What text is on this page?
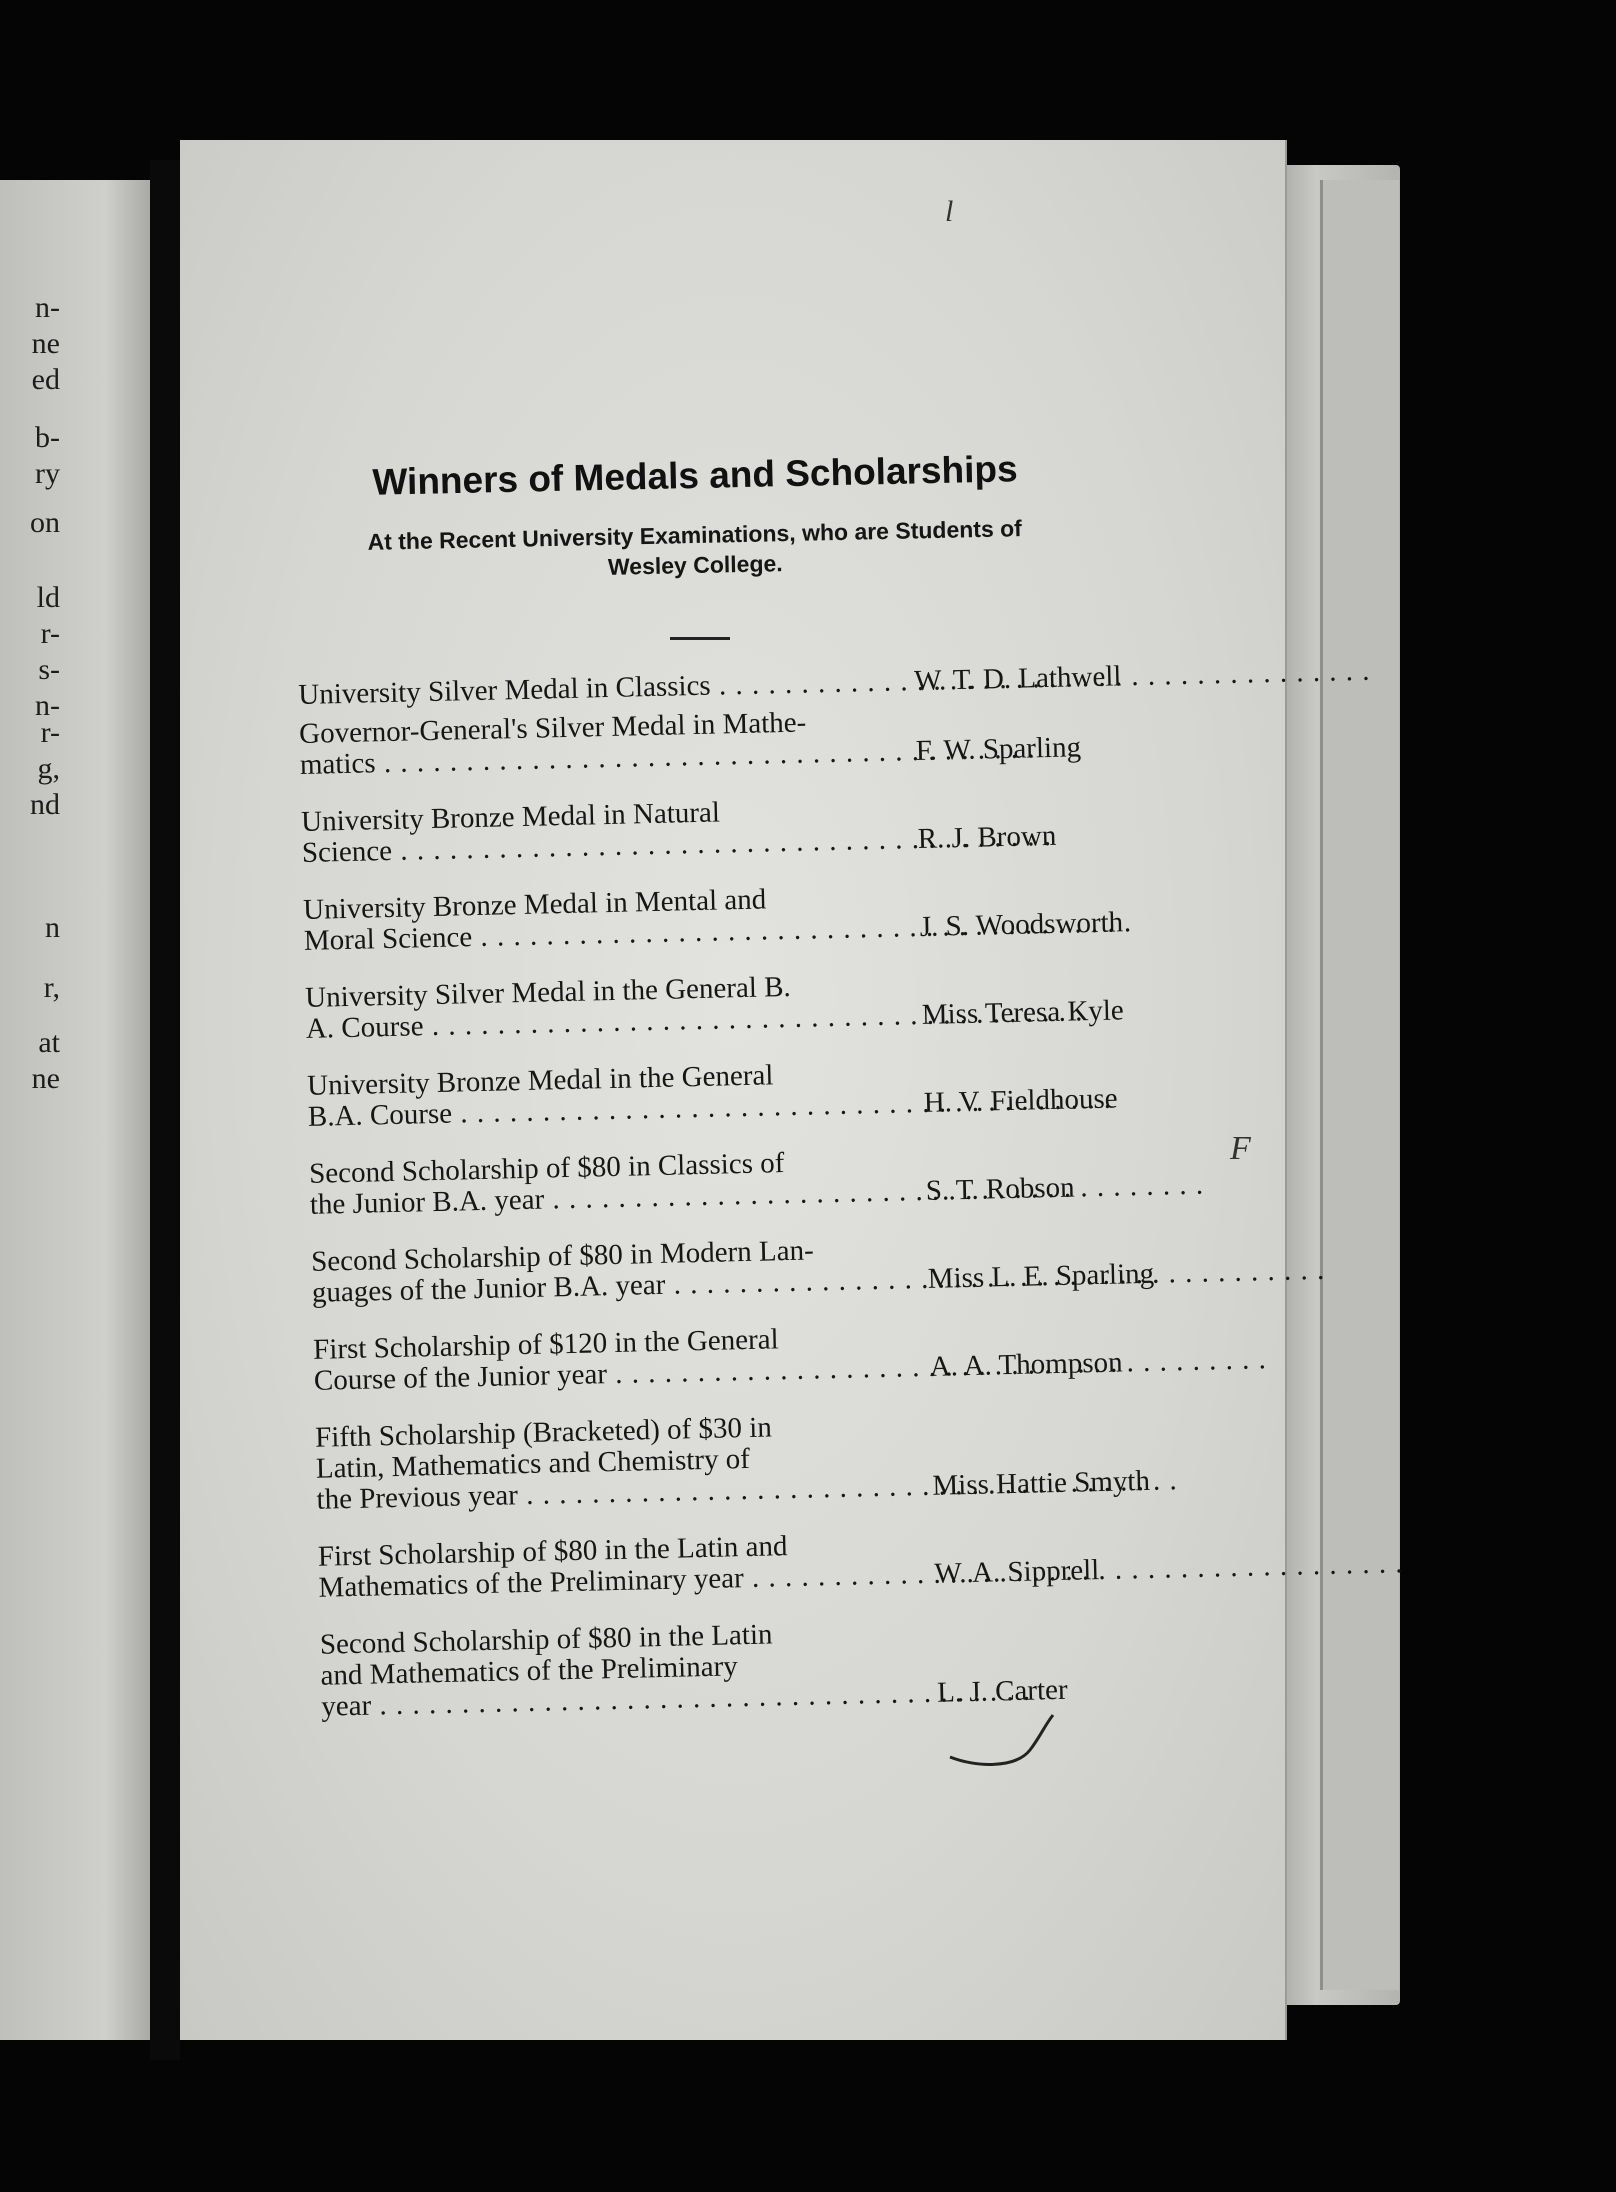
n-
ne
ed
b-
ry
on
ld
r-
s-
n-
r-
g,
nd
n
r,
at
ne
l
Winners of Medals and Scholarships
At the Recent University Examinations, who are Students of
Wesley College.
University Silver Medal in Classics . . .	W. T. D. Lathwell
Governor-General's Silver Medal in Mathe-
matics . . .	F. W. Sparling
University Bronze Medal in Natural
Science . . .	R. J. Brown
University Bronze Medal in Mental and
Moral Science . . .	J. S. Woodsworth
University Silver Medal in the General B.
A. Course . . .	Miss Teresa Kyle
University Bronze Medal in the General
B.A. Course . . .	H. V. Fieldhouse
Second Scholarship of $80 in Classics of
the Junior B.A. year . . .	S. T. Robson
Second Scholarship of $80 in Modern Lan-
guages of the Junior B.A. year . . .	Miss L. E. Sparling
First Scholarship of $120 in the General
Course of the Junior year . . .	A. A. Thompson
Fifth Scholarship (Bracketed) of $30 in
Latin, Mathematics and Chemistry of
the Previous year . . .	Miss Hattie Smyth
First Scholarship of $80 in the Latin and
Mathematics of the Preliminary year . . .	W. A. Sipprell
Second Scholarship of $80 in the Latin
and Mathematics of the Preliminary
year . . .	L. J. Carter
F
